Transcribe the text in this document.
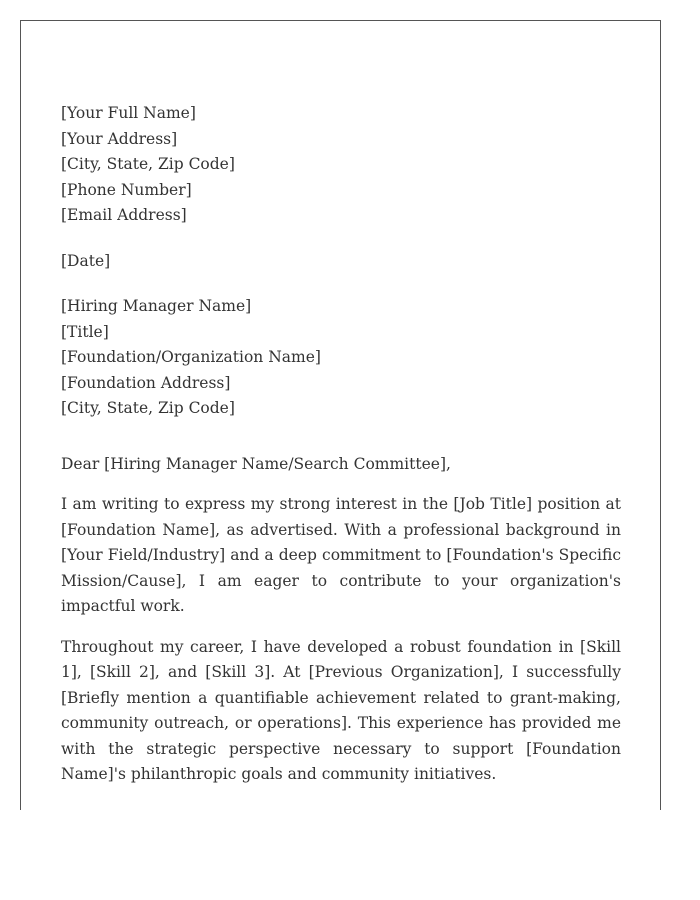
[Your Full Name]
[Your Address]
[City, State, Zip Code]
[Phone Number]
[Email Address]
[Date]
[Hiring Manager Name]
[Title]
[Foundation/Organization Name]
[Foundation Address]
[City, State, Zip Code]

Dear [Hiring Manager Name/Search Committee],

I am writing to express my strong interest in the [Job Title] position at [Foundation Name], as advertised. With a professional background in [Your Field/Industry] and a deep commitment to [Foundation's Specific Mission/Cause], I am eager to contribute to your organization's impactful work.

Throughout my career, I have developed a robust foundation in [Skill 1], [Skill 2], and [Skill 3]. At [Previous Organization], I successfully [Briefly mention a quantifiable achievement related to grant-making, community outreach, or operations]. This experience has provided me with the strategic perspective necessary to support [Foundation Name]'s philanthropic goals and community initiatives.
